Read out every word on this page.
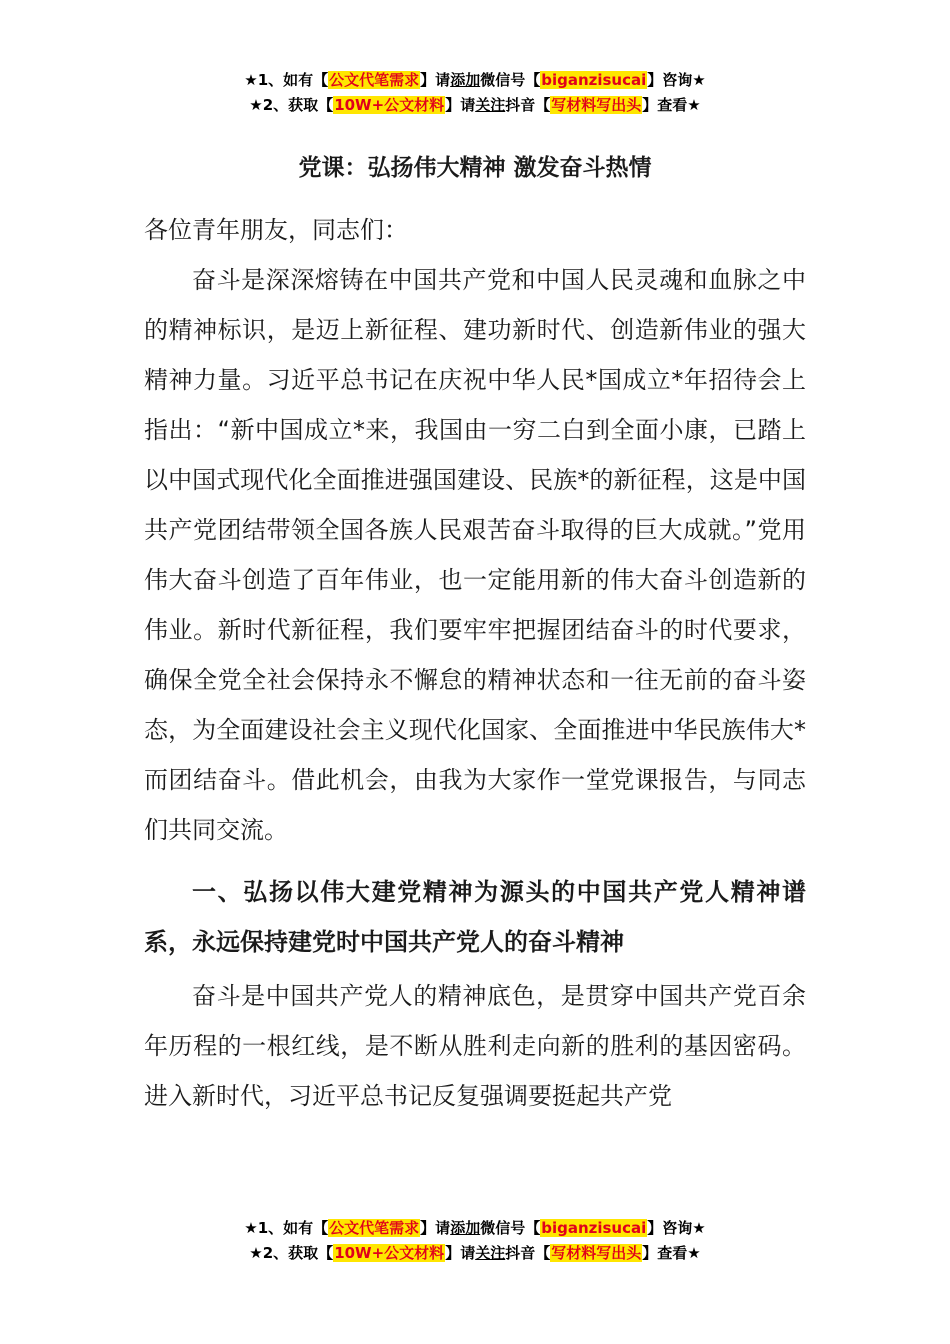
★1、如有【公文代笔需求】请添加微信号【biganzisucai】咨询★
★2、获取【10W+公文材料】请关注抖音【写材料写出头】查看★
党课：弘扬伟大精神 激发奋斗热情

各位青年朋友，同志们：

奋斗是深深熔铸在中国共产党和中国人民灵魂和血脉之中的精神标识，是迈上新征程、建功新时代、创造新伟业的强大精神力量。习近平总书记在庆祝中华人民*国成立*年招待会上指出：“新中国成立*来，我国由一穷二白到全面小康，已踏上以中国式现代化全面推进强国建设、民族*的新征程，这是中国共产党团结带领全国各族人民艰苦奋斗取得的巨大成就。”党用伟大奋斗创造了百年伟业，也一定能用新的伟大奋斗创造新的伟业。新时代新征程，我们要牢牢把握团结奋斗的时代要求，确保全党全社会保持永不懈怠的精神状态和一往无前的奋斗姿态，为全面建设社会主义现代化国家、全面推进中华民族伟大*而团结奋斗。借此机会，由我为大家作一堂党课报告，与同志们共同交流。

一、弘扬以伟大建党精神为源头的中国共产党人精神谱系，永远保持建党时中国共产党人的奋斗精神

奋斗是中国共产党人的精神底色，是贯穿中国共产党百余年历程的一根红线，是不断从胜利走向新的胜利的基因密码。进入新时代，习近平总书记反复强调要挺起共产党

★1、如有【公文代笔需求】请添加微信号【biganzisucai】咨询★
★2、获取【10W+公文材料】请关注抖音【写材料写出头】查看★
